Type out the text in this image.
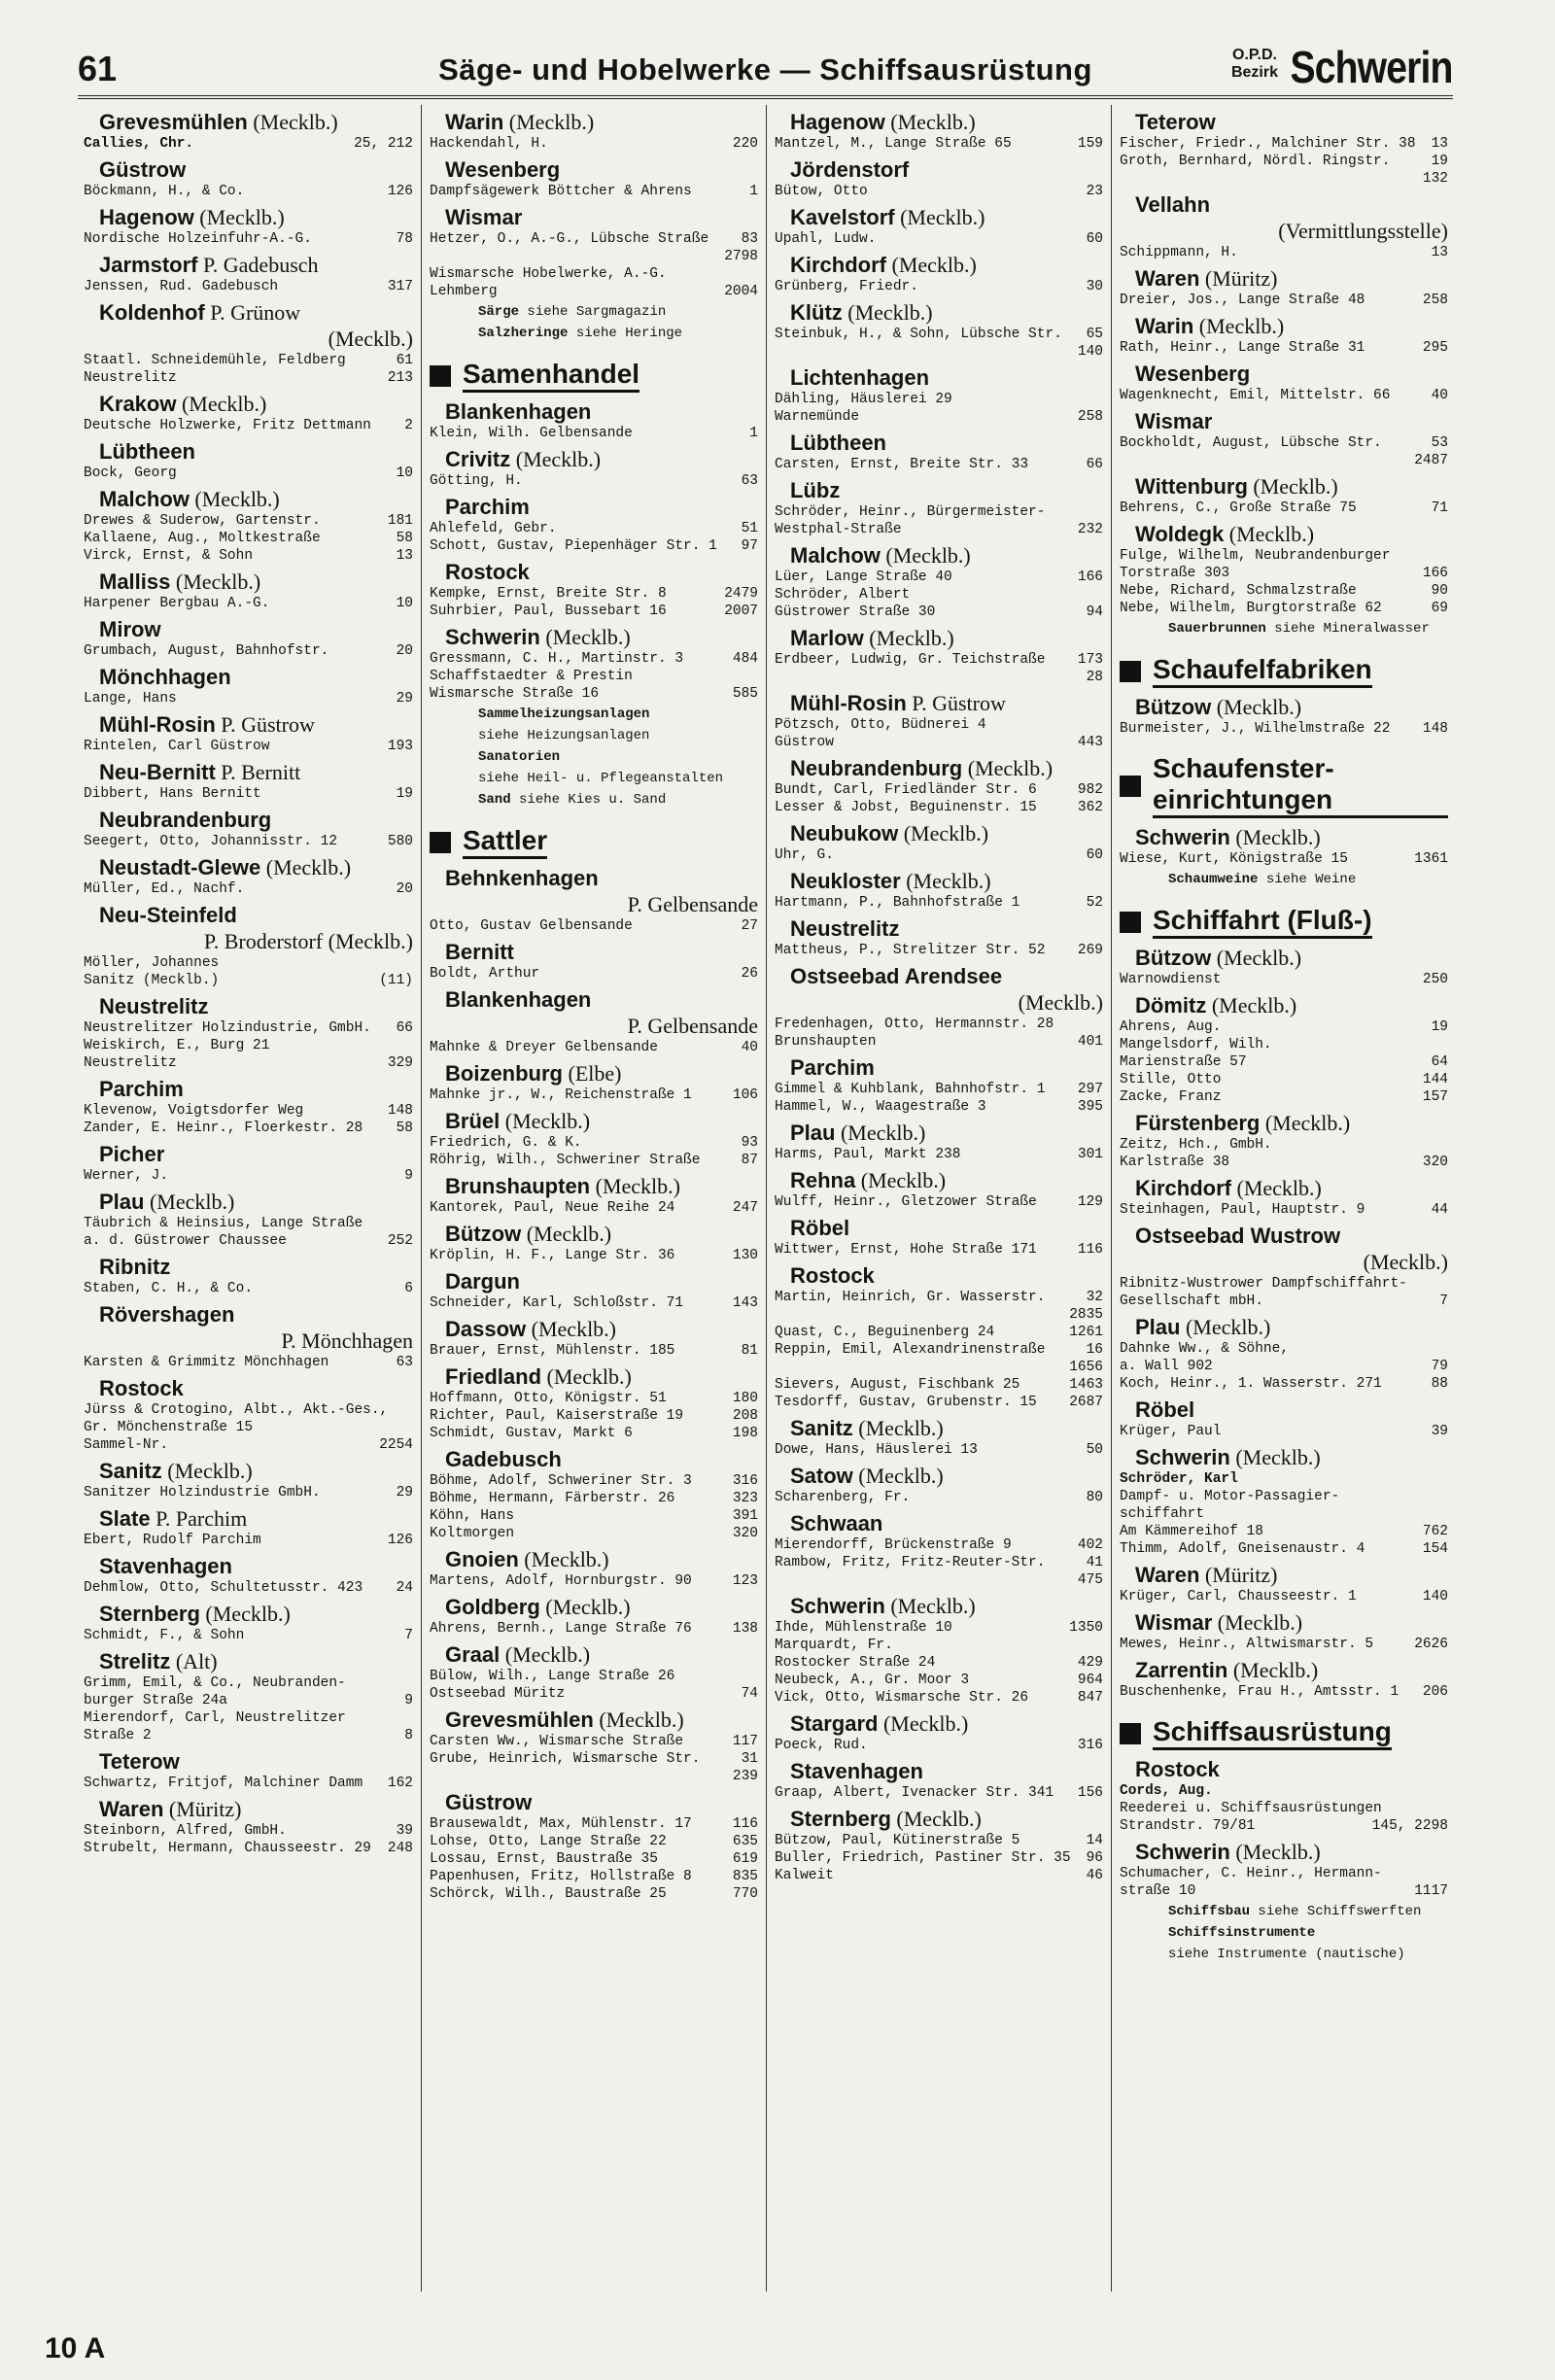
61	Säge- und Hobelwerke — Schiffsausrüstung	O.P.D.
Bezirk Schwerin
Grevesmühlen (Mecklb.)
Callies, Chr.	25, 212
Güstrow
Böckmann, H., & Co.	126
Hagenow (Mecklb.)
Nordische Holzeinfuhr-A.-G.	78
Jarmstorf P. Gadebusch
Jenssen, Rud. Gadebusch	317
Koldenhof P. Grünow
(Mecklb.)
Staatl. Schneidemühle, Feldberg	61
Neustrelitz	213
Krakow (Mecklb.)
Deutsche Holzwerke, Fritz Dettmann	2
Lübtheen
Bock, Georg	10
Malchow (Mecklb.)
Drewes & Suderow, Gartenstr.	181
Kallaene, Aug., Moltkestraße	58
Virck, Ernst, & Sohn	13
Malliss (Mecklb.)
Harpener Bergbau A.-G.	10
Mirow
Grumbach, August, Bahnhofstr.	20
Mönchhagen
Lange, Hans	29
Mühl-Rosin P. Güstrow
Rintelen, Carl Güstrow	193
Neu-Bernitt P. Bernitt
Dibbert, Hans Bernitt	19
Neubrandenburg
Seegert, Otto, Johannisstr. 12	580
Neustadt-Glewe (Mecklb.)
Müller, Ed., Nachf.	20
Neu-Steinfeld
P. Broderstorf (Mecklb.)
Möller, Johannes
Sanitz (Mecklb.)	(11)
Neustrelitz
Neustrelitzer Holzindustrie, GmbH.	66
Weiskirch, E., Burg 21
Neustrelitz	329
Parchim
Klevenow, Voigtsdorfer Weg	148
Zander, E. Heinr., Floerkestr. 28	58
Picher
Werner, J.	9
Plau (Mecklb.)
Täubrich & Heinsius, Lange Straße
a. d. Güstrower Chaussee	252
Ribnitz
Staben, C. H., & Co.	6
Rövershagen
P. Mönchhagen
Karsten & Grimmitz Mönchhagen	63
Rostock
Jürss & Crotogino, Albt., Akt.-Ges.,
Gr. Mönchenstraße 15
Sammel-Nr.	2254
Sanitz (Mecklb.)
Sanitzer Holzindustrie GmbH.	29
Slate P. Parchim
Ebert, Rudolf Parchim	126
Stavenhagen
Dehmlow, Otto, Schultetusstr. 423	24
Sternberg (Mecklb.)
Schmidt, F., & Sohn	7
Strelitz (Alt)
Grimm, Emil, & Co., Neubranden-
burger Straße 24a	9
Mierendorf, Carl, Neustrelitzer
Straße 2	8
Teterow
Schwartz, Fritjof, Malchiner Damm	162
Waren (Müritz)
Steinborn, Alfred, GmbH.	39
Strubelt, Hermann, Chausseestr. 29	248
Warin (Mecklb.)
Hackendahl, H.	220
Wesenberg
Dampfsägewerk Böttcher & Ahrens	1
Wismar
Hetzer, O., A.-G., Lübsche Straße	83
2798
Wismarsche Hobelwerke, A.-G.
Lehmberg	2004
Särge siehe Sargmagazin
Salzheringe siehe Heringe
Samenhandel
Blankenhagen
Klein, Wilh. Gelbensande	1
Crivitz (Mecklb.)
Götting, H.	63
Parchim
Ahlefeld, Gebr.	51
Schott, Gustav, Piepenhäger Str. 1	97
Rostock
Kempke, Ernst, Breite Str. 8	2479
Suhrbier, Paul, Bussebart 16	2007
Schwerin (Mecklb.)
Gressmann, C. H., Martinstr. 3	484
Schaffstaedter & Prestin
Wismarsche Straße 16	585
Sammelheizungsanlagen
siehe Heizungsanlagen
Sanatorien
siehe Heil- u. Pflegeanstalten
Sand siehe Kies u. Sand
Sattler
Behnkenhagen
P. Gelbensande
Otto, Gustav Gelbensande	27
Bernitt
Boldt, Arthur	26
Blankenhagen
P. Gelbensande
Mahnke & Dreyer Gelbensande	40
Boizenburg (Elbe)
Mahnke jr., W., Reichenstraße 1	106
Brüel (Mecklb.)
Friedrich, G. & K.	93
Röhrig, Wilh., Schweriner Straße	87
Brunshaupten (Mecklb.)
Kantorek, Paul, Neue Reihe 24	247
Bützow (Mecklb.)
Kröplin, H. F., Lange Str. 36	130
Dargun
Schneider, Karl, Schloßstr. 71	143
Dassow (Mecklb.)
Brauer, Ernst, Mühlenstr. 185	81
Friedland (Mecklb.)
Hoffmann, Otto, Königstr. 51	180
Richter, Paul, Kaiserstraße 19	208
Schmidt, Gustav, Markt 6	198
Gadebusch
Böhme, Adolf, Schweriner Str. 3	316
Böhme, Hermann, Färberstr. 26	323
Köhn, Hans	391
Koltmorgen	320
Gnoien (Mecklb.)
Martens, Adolf, Hornburgstr. 90	123
Goldberg (Mecklb.)
Ahrens, Bernh., Lange Straße 76	138
Graal (Mecklb.)
Bülow, Wilh., Lange Straße 26
Ostseebad Müritz	74
Grevesmühlen (Mecklb.)
Carsten Ww., Wismarsche Straße	117
Grube, Heinrich, Wismarsche Str.	31
239
Güstrow
Brausewaldt, Max, Mühlenstr. 17	116
Lohse, Otto, Lange Straße 22	635
Lossau, Ernst, Baustraße 35	619
Papenhusen, Fritz, Hollstraße 8	835
Schörck, Wilh., Baustraße 25	770
Hagenow (Mecklb.)
Mantzel, M., Lange Straße 65	159
Jördenstorf
Bütow, Otto	23
Kavelstorf (Mecklb.)
Upahl, Ludw.	60
Kirchdorf (Mecklb.)
Grünberg, Friedr.	30
Klütz (Mecklb.)
Steinbuk, H., & Sohn, Lübsche Str.	65
140
Lichtenhagen
Dähling, Häuslerei 29
Warnemünde	258
Lübtheen
Carsten, Ernst, Breite Str. 33	66
Lübz
Schröder, Heinr., Bürgermeister-
Westphal-Straße	232
Malchow (Mecklb.)
Lüer, Lange Straße 40	166
Schröder, Albert
Güstrower Straße 30	94
Marlow (Mecklb.)
Erdbeer, Ludwig, Gr. Teichstraße	173
28
Mühl-Rosin P. Güstrow
Pötzsch, Otto, Büdnerei 4
Güstrow	443
Neubrandenburg (Mecklb.)
Bundt, Carl, Friedländer Str. 6	982
Lesser & Jobst, Beguinenstr. 15	362
Neubukow (Mecklb.)
Uhr, G.	60
Neukloster (Mecklb.)
Hartmann, P., Bahnhofstraße 1	52
Neustrelitz
Mattheus, P., Strelitzer Str. 52	269
Ostseebad Arendsee
(Mecklb.)
Fredenhagen, Otto, Hermannstr. 28
Brunshaupten	401
Parchim
Gimmel & Kuhblank, Bahnhofstr. 1	297
Hammel, W., Waagestraße 3	395
Plau (Mecklb.)
Harms, Paul, Markt 238	301
Rehna (Mecklb.)
Wulff, Heinr., Gletzower Straße	129
Röbel
Wittwer, Ernst, Hohe Straße 171	116
Rostock
Martin, Heinrich, Gr. Wasserstr.	32
2835
Quast, C., Beguinenberg 24	1261
Reppin, Emil, Alexandrinenstraße	16
1656
Sievers, August, Fischbank 25	1463
Tesdorff, Gustav, Grubenstr. 15	2687
Sanitz (Mecklb.)
Dowe, Hans, Häuslerei 13	50
Satow (Mecklb.)
Scharenberg, Fr.	80
Schwaan
Mierendorff, Brückenstraße 9	402
Rambow, Fritz, Fritz-Reuter-Str.	41
475
Schwerin (Mecklb.)
Ihde, Mühlenstraße 10	1350
Marquardt, Fr.
Rostocker Straße 24	429
Neubeck, A., Gr. Moor 3	964
Vick, Otto, Wismarsche Str. 26	847
Stargard (Mecklb.)
Poeck, Rud.	316
Stavenhagen
Graap, Albert, Ivenacker Str. 341	156
Sternberg (Mecklb.)
Bützow, Paul, Kütinerstraße 5	14
Buller, Friedrich, Pastiner Str. 35	96
Kalweit	46
Teterow
Fischer, Friedr., Malchiner Str. 38	13
Groth, Bernhard, Nördl. Ringstr.	19
132
Vellahn
(Vermittlungsstelle)
Schippmann, H.	13
Waren (Müritz)
Dreier, Jos., Lange Straße 48	258
Warin (Mecklb.)
Rath, Heinr., Lange Straße 31	295
Wesenberg
Wagenknecht, Emil, Mittelstr. 66	40
Wismar
Bockholdt, August, Lübsche Str.	53
2487
Wittenburg (Mecklb.)
Behrens, C., Große Straße 75	71
Woldegk (Mecklb.)
Fulge, Wilhelm, Neubrandenburger
Torstraße 303	166
Nebe, Richard, Schmalzstraße	90
Nebe, Wilhelm, Burgtorstraße 62	69
Sauerbrunnen siehe Mineralwasser
Schaufelfabriken
Bützow (Mecklb.)
Burmeister, J., Wilhelmstraße 22	148
Schaufenster-einrichtungen
Schwerin (Mecklb.)
Wiese, Kurt, Königstraße 15	1361
Schaumweine siehe Weine
Schiffahrt (Fluß-)
Bützow (Mecklb.)
Warnowdienst	250
Dömitz (Mecklb.)
Ahrens, Aug.	19
Mangelsdorf, Wilh.
Marienstraße 57	64
Stille, Otto	144
Zacke, Franz	157
Fürstenberg (Mecklb.)
Zeitz, Hch., GmbH.
Karlstraße 38	320
Kirchdorf (Mecklb.)
Steinhagen, Paul, Hauptstr. 9	44
Ostseebad Wustrow
(Mecklb.)
Ribnitz-Wustrower Dampfschiffahrt-
Gesellschaft mbH.	7
Plau (Mecklb.)
Dahnke Ww., & Söhne,
a. Wall 902	79
Koch, Heinr., 1. Wasserstr. 271	88
Röbel
Krüger, Paul	39
Schwerin (Mecklb.)
Schröder, Karl
Dampf- u. Motor-Passagier-
schiffahrt
Am Kämmereihof 18	762
Thimm, Adolf, Gneisenaustr. 4	154
Waren (Müritz)
Krüger, Carl, Chausseestr. 1	140
Wismar (Mecklb.)
Mewes, Heinr., Altwismarstr. 5	2626
Zarrentin (Mecklb.)
Buschenhenke, Frau H., Amtsstr. 1	206
Schiffsausrüstung
Rostock
Cords, Aug.
Reederei u. Schiffsausrüstungen
Strandstr. 79/81	145, 2298
Schwerin (Mecklb.)
Schumacher, C. Heinr., Hermann-
straße 10	1117
Schiffsbau siehe Schiffswerften
Schiffsinstrumente
siehe Instrumente (nautische)
10 A
